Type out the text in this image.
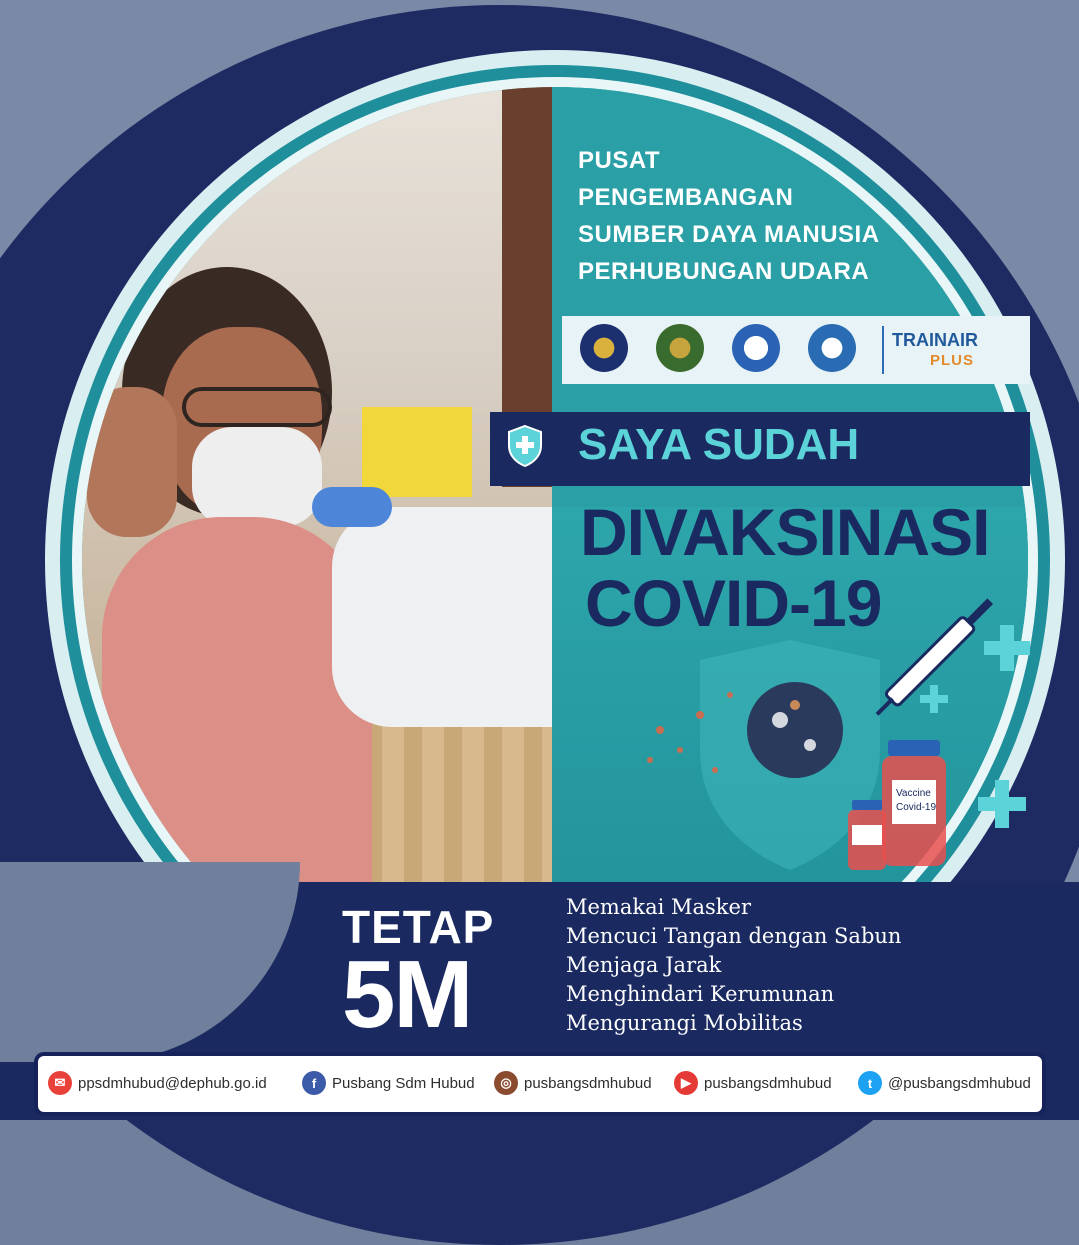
PUSAT
PENGEMBANGAN
SUMBER DAYA MANUSIA
PERHUBUNGAN UDARA
IATA	TRAINAIR
PLUS
SAYA SUDAH
DIVAKSINASI
COVID-19
Vaccine
Covid-19
TETAP
5M
Memakai Masker
Mencuci Tangan dengan Sabun
Menjaga Jarak
Menghindari Kerumunan
Mengurangi Mobilitas
✉ ppsdmhubud@dephub.go.id	f	Pusbang Sdm Hubud	◎ pusbangsdmhubud	▶ pusbangsdmhubud	t	@pusbangsdmhubud
